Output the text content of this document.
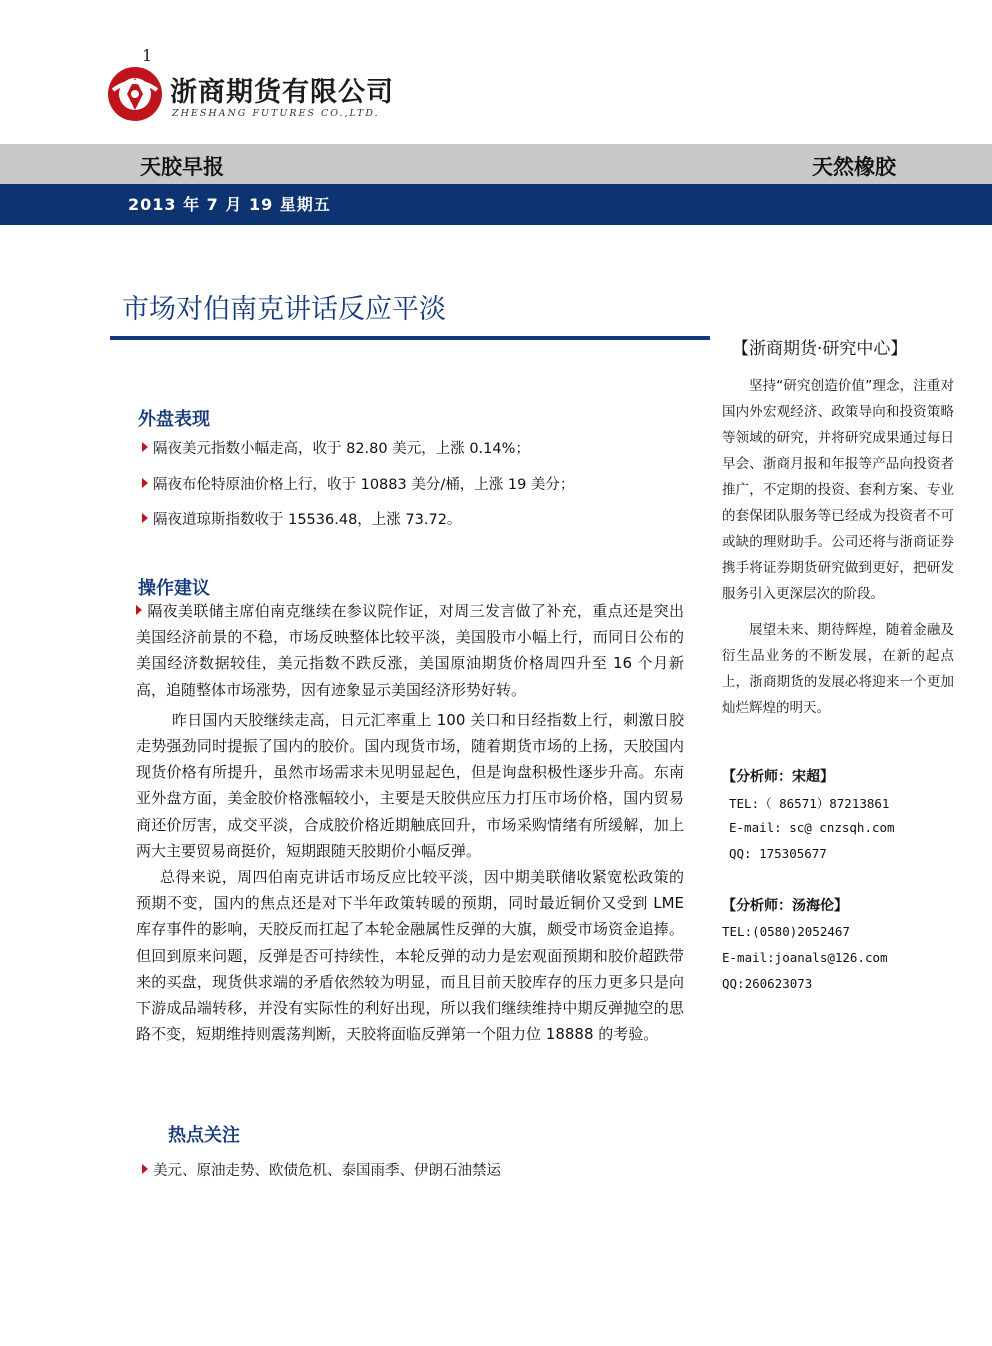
1
浙商期货有限公司
ZHESHANG FUTURES CO.,LTD.
天胶早报	天然橡胶
2013 年 7 月 19 星期五
市场对伯南克讲话反应平淡
外盘表现
隔夜美元指数小幅走高，收于 82.80 美元，上涨 0.14%；
隔夜布伦特原油价格上行，收于 10883 美分/桶，上涨 19 美分；
隔夜道琼斯指数收于 15536.48，上涨 73.72。
操作建议

隔夜美联储主席伯南克继续在参议院作证，对周三发言做了补充，重点还是突出美国经济前景的不稳，市场反映整体比较平淡，美国股市小幅上行，而同日公布的美国经济数据较佳，美元指数不跌反涨，美国原油期货价格周四升至 16 个月新高，追随整体市场涨势，因有迹象显示美国经济形势好转。

昨日国内天胶继续走高，日元汇率重上 100 关口和日经指数上行，刺激日胶走势强劲同时提振了国内的胶价。国内现货市场，随着期货市场的上扬，天胶国内现货价格有所提升，虽然市场需求未见明显起色，但是询盘积极性逐步升高。东南亚外盘方面，美金胶价格涨幅较小，主要是天胶供应压力打压市场价格，国内贸易商还价厉害，成交平淡，合成胶价格近期触底回升，市场采购情绪有所缓解，加上两大主要贸易商挺价，短期跟随天胶期价小幅反弹。

总得来说，周四伯南克讲话市场反应比较平淡，因中期美联储收紧宽松政策的预期不变，国内的焦点还是对下半年政策转暖的预期，同时最近铜价又受到 LME 库存事件的影响，天胶反而扛起了本轮金融属性反弹的大旗，颇受市场资金追捧。但回到原来问题，反弹是否可持续性，本轮反弹的动力是宏观面预期和胶价超跌带来的买盘，现货供求端的矛盾依然较为明显，而且目前天胶库存的压力更多只是向下游成品端转移，并没有实际性的利好出现，所以我们继续维持中期反弹抛空的思路不变，短期维持则震荡判断，天胶将面临反弹第一个阻力位 18888 的考验。

热点关注
美元、原油走势、欧债危机、泰国雨季、伊朗石油禁运
【浙商期货·研究中心】

坚持“研究创造价值”理念，注重对国内外宏观经济、政策导向和投资策略等领域的研究，并将研究成果通过每日早会、浙商月报和年报等产品向投资者推广，不定期的投资、套利方案、专业的套保团队服务等已经成为投资者不可或缺的理财助手。公司还将与浙商证券携手将证券期货研究做到更好，把研发服务引入更深层次的阶段。

展望未来、期待辉煌，随着金融及衍生品业务的不断发展，在新的起点上，浙商期货的发展必将迎来一个更加灿烂辉煌的明天。

【分析师：宋超】
TEL:（ 86571）87213861
E-mail: sc@ cnzsqh.com
QQ: 175305677
【分析师：汤海伦】
TEL:(0580)2052467
E-mail:joanals@126.com
QQ:260623073
